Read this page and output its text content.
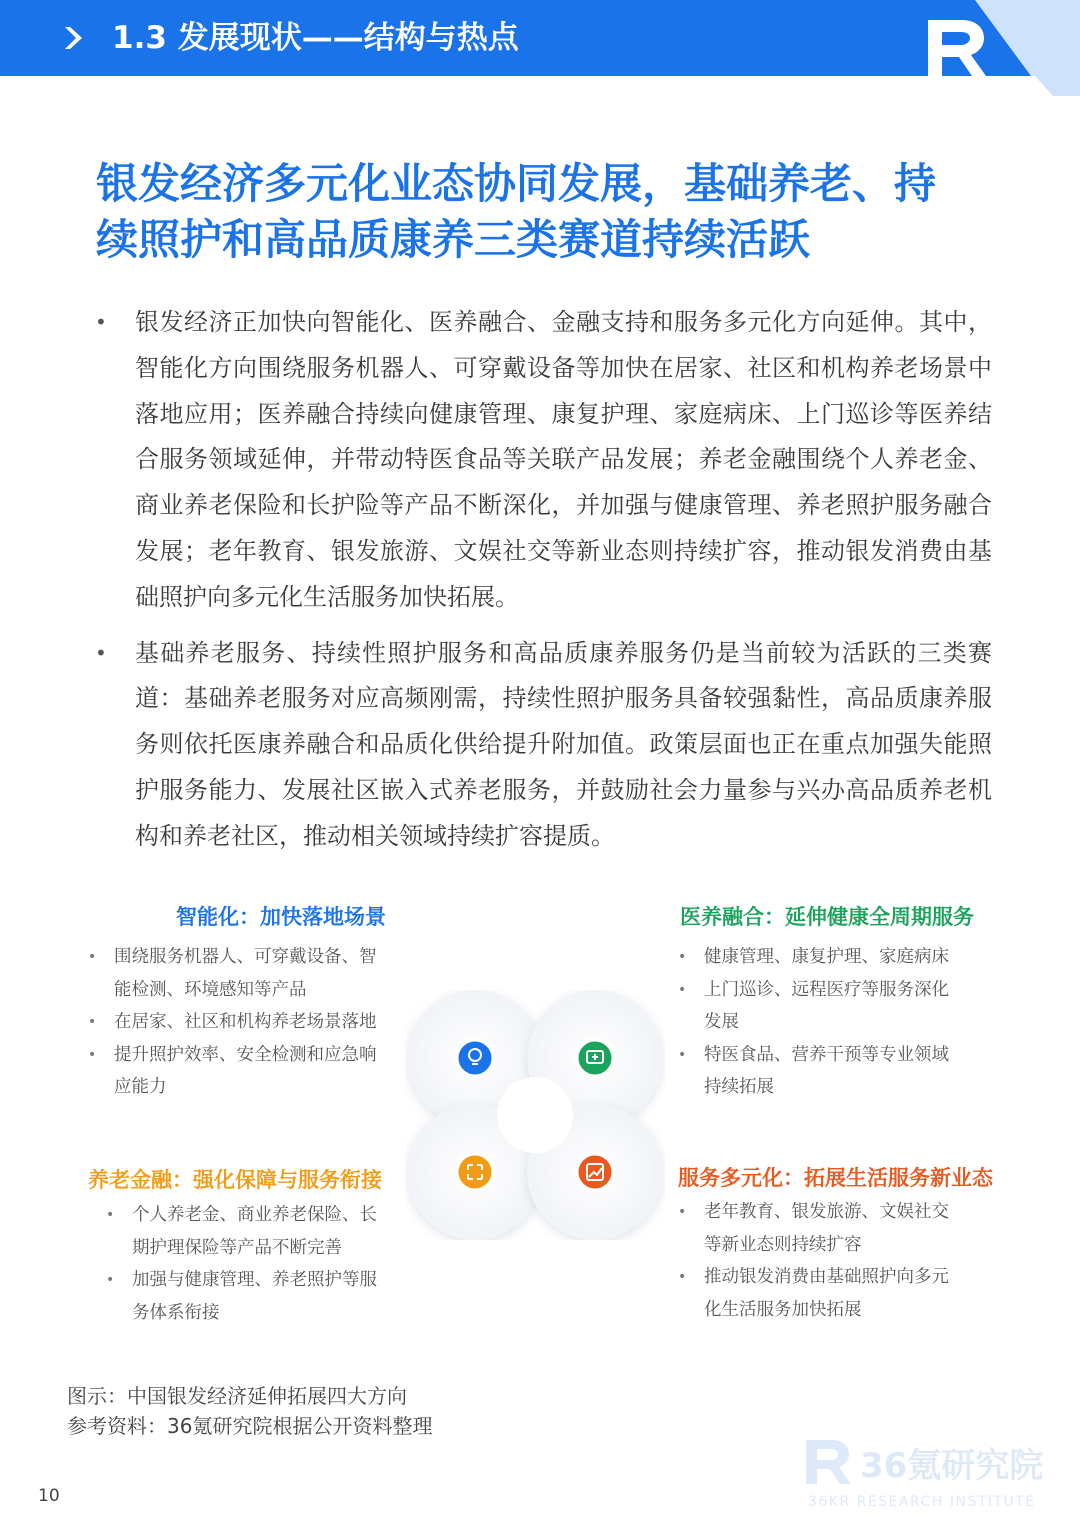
1.3 发展现状——结构与热点
银发经济多元化业态协同发展，基础养老、持
续照护和高品质康养三类赛道持续活跃
• 银发经济正加快向智能化、医养融合、金融支持和服务多元化方向延伸。其中，智能化方向围绕服务机器人、可穿戴设备等加快在居家、社区和机构养老场景中落地应用；医养融合持续向健康管理、康复护理、家庭病床、上门巡诊等医养结合服务领域延伸，并带动特医食品等关联产品发展；养老金融围绕个人养老金、商业养老保险和长护险等产品不断深化，并加强与健康管理、养老照护服务融合发展；老年教育、银发旅游、文娱社交等新业态则持续扩容，推动银发消费由基础照护向多元化生活服务加快拓展。
• 基础养老服务、持续性照护服务和高品质康养服务仍是当前较为活跃的三类赛道：基础养老服务对应高频刚需，持续性照护服务具备较强黏性，高品质康养服务则依托医康养融合和品质化供给提升附加值。政策层面也正在重点加强失能照护服务能力、发展社区嵌入式养老服务，并鼓励社会力量参与兴办高品质养老机构和养老社区，推动相关领域持续扩容提质。
智能化：加快落地场景
• 围绕服务机器人、可穿戴设备、智
能检测、环境感知等产品
• 在居家、社区和机构养老场景落地
• 提升照护效率、安全检测和应急响
应能力
医养融合：延伸健康全周期服务
• 健康管理、康复护理、家庭病床
• 上门巡诊、远程医疗等服务深化
发展
• 特医食品、营养干预等专业领域
持续拓展
养老金融：强化保障与服务衔接
• 个人养老金、商业养老保险、长
期护理保险等产品不断完善
• 加强与健康管理、养老照护等服
务体系衔接
服务多元化：拓展生活服务新业态
• 老年教育、银发旅游、文娱社交
等新业态则持续扩容
• 推动银发消费由基础照护向多元
化生活服务加快拓展
图示：中国银发经济延伸拓展四大方向
参考资料：36氪研究院根据公开资料整理
10
36氪研究院
36KR RESEARCH INSTITUTE
